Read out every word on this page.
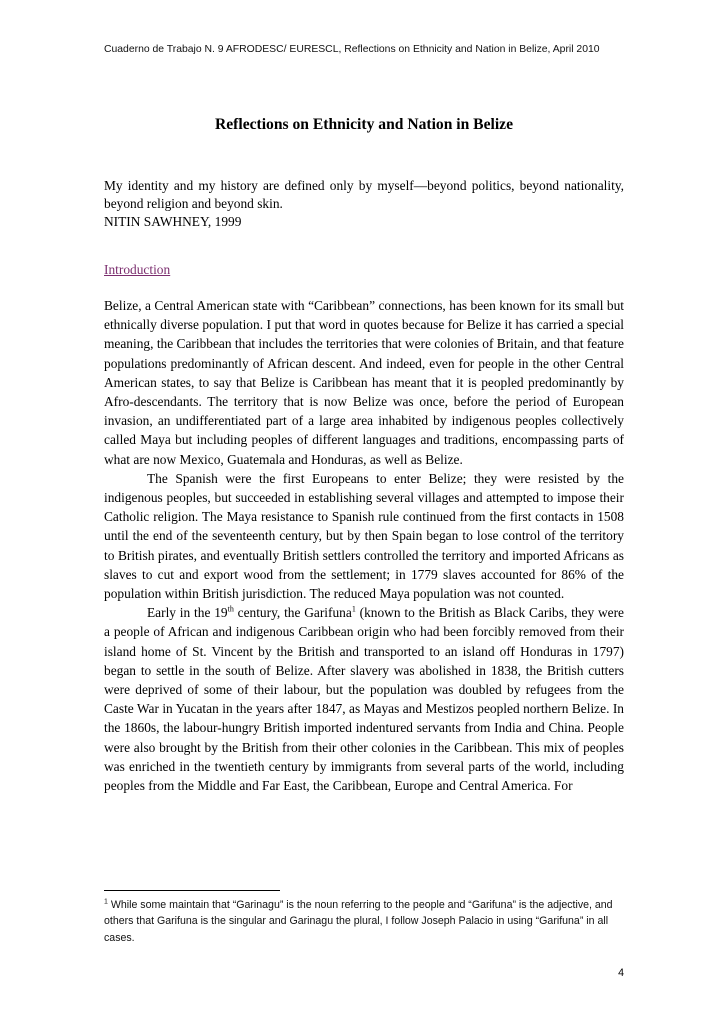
Cuaderno de Trabajo N. 9 AFRODESC/ EURESCL, Reflections on Ethnicity and Nation in Belize, April 2010
Reflections on Ethnicity and Nation in Belize

My identity and my history are defined only by myself—beyond politics, beyond nationality, beyond religion and beyond skin.

NITIN SAWHNEY, 1999

Introduction

Belize, a Central American state with “Caribbean” connections, has been known for its small but ethnically diverse population. I put that word in quotes because for Belize it has carried a special meaning, the Caribbean that includes the territories that were colonies of Britain, and that feature populations predominantly of African descent. And indeed, even for people in the other Central American states, to say that Belize is Caribbean has meant that it is peopled predominantly by Afro-descendants. The territory that is now Belize was once, before the period of European invasion, an undifferentiated part of a large area inhabited by indigenous peoples collectively called Maya but including peoples of different languages and traditions, encompassing parts of what are now Mexico, Guatemala and Honduras, as well as Belize.

The Spanish were the first Europeans to enter Belize; they were resisted by the indigenous peoples, but succeeded in establishing several villages and attempted to impose their Catholic religion. The Maya resistance to Spanish rule continued from the first contacts in 1508 until the end of the seventeenth century, but by then Spain began to lose control of the territory to British pirates, and eventually British settlers controlled the territory and imported Africans as slaves to cut and export wood from the settlement; in 1779 slaves accounted for 86% of the population within British jurisdiction. The reduced Maya population was not counted.

Early in the 19th century, the Garifuna$^1$ (known to the British as Black Caribs, they were a people of African and indigenous Caribbean origin who had been forcibly removed from their island home of St. Vincent by the British and transported to an island off Honduras in 1797) began to settle in the south of Belize. After slavery was abolished in 1838, the British cutters were deprived of some of their labour, but the population was doubled by refugees from the Caste War in Yucatan in the years after 1847, as Mayas and Mestizos peopled northern Belize. In the 1860s, the labour-hungry British imported indentured servants from India and China. People were also brought by the British from their other colonies in the Caribbean. This mix of peoples was enriched in the twentieth century by immigrants from several parts of the world, including peoples from the Middle and Far East, the Caribbean, Europe and Central America. For

$^1$ While some maintain that “Garinagu” is the noun referring to the people and “Garifuna” is the adjective, and others that Garifuna is the singular and Garinagu the plural, I follow Joseph Palacio in using “Garifuna” in all cases.
4
